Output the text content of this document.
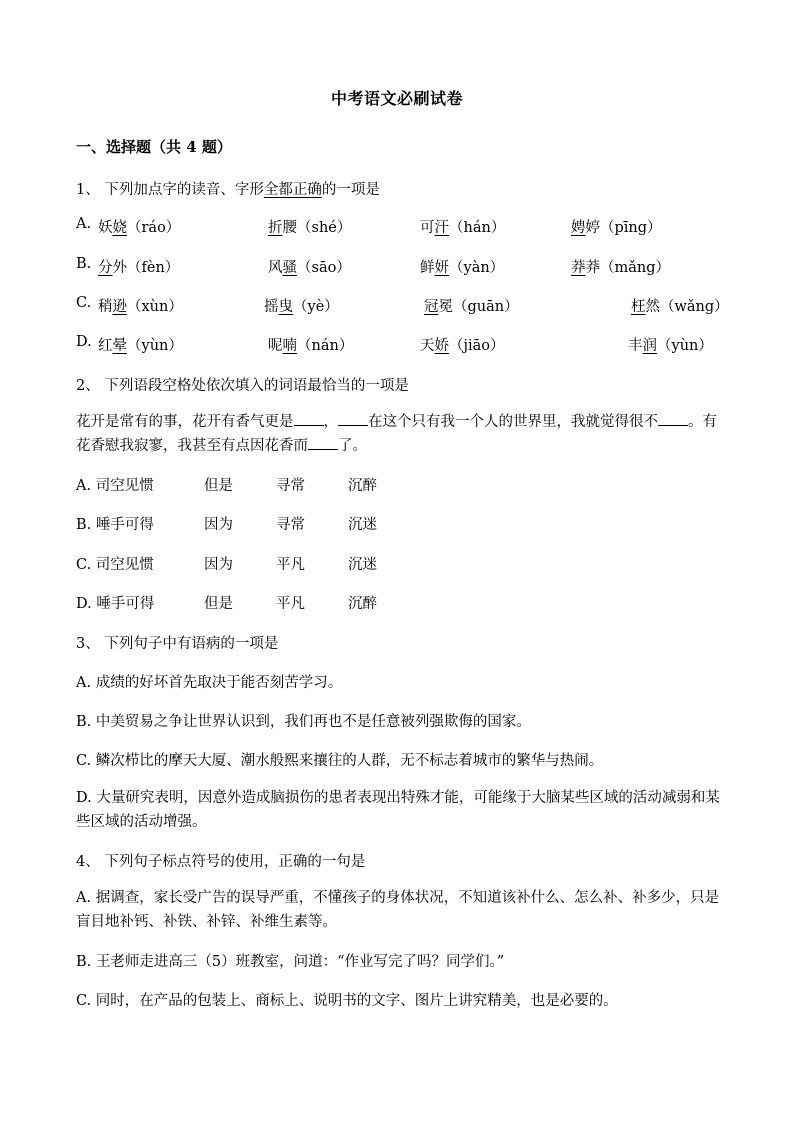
中考语文必刷试卷
一、选择题（共 4 题）
1、 下列加点字的读音、字形全都正确的一项是
A. 妖娆（ráo）	折腰（shé）	可汗（hán）	娉婷（pīng）
B. 分外（fèn）	风骚（sāo）	鲜妍（yàn）	莽莽（mǎng）
C. 稍逊（xùn）	摇曳（yè）	冠冕（guān）	枉然（wǎng）
D. 红晕（yùn）	呢喃（nán）	天娇（jiāo）	丰润（yùn）
2、 下列语段空格处依次填入的词语最恰当的一项是
花开是常有的事，花开有香气更是 ， 在这个只有我一个人的世界里，我就觉得很不 。有花香慰我寂寥，我甚至有点因花香而 了。
A. 司空见惯	但是	寻常	沉醉
B. 唾手可得	因为	寻常	沉迷
C. 司空见惯	因为	平凡	沉迷
D. 唾手可得	但是	平凡	沉醉
3、 下列句子中有语病的一项是
A. 成绩的好坏首先取决于能否刻苦学习。
B. 中美贸易之争让世界认识到，我们再也不是任意被列强欺侮的国家。
C. 鳞次栉比的摩天大厦、潮水般熙来攘往的人群，无不标志着城市的繁华与热闹。
D. 大量研究表明，因意外造成脑损伤的患者表现出特殊才能，可能缘于大脑某些区域的活动减弱和某些区域的活动增强。
4、 下列句子标点符号的使用，正确的一句是
A. 据调查，家长受广告的误导严重，不懂孩子的身体状况，不知道该补什么、怎么补、补多少，只是盲目地补钙、补铁、补锌、补维生素等。
B. 王老师走进高三（5）班教室，问道：“作业写完了吗？同学们。”
C. 同时，在产品的包装上、商标上、说明书的文字、图片上讲究精美，也是必要的。
